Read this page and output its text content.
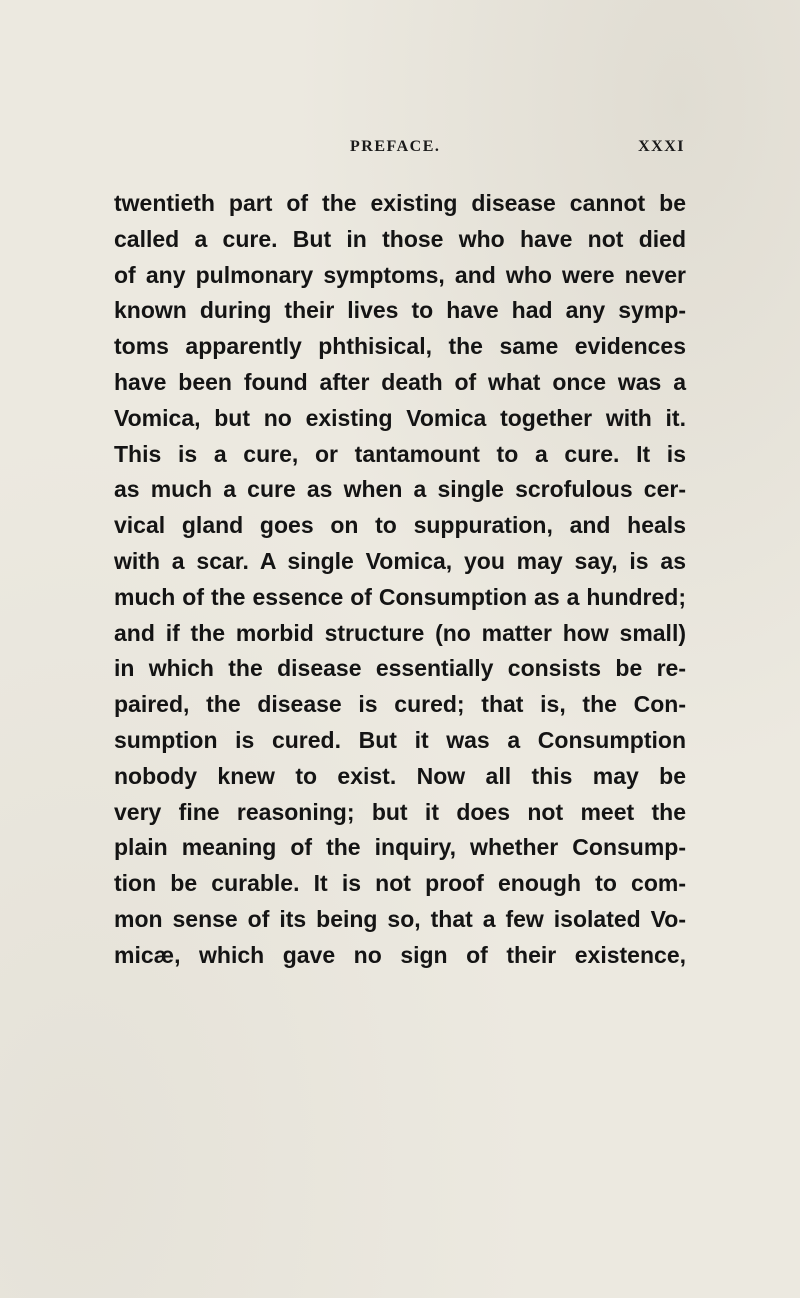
PREFACE.	XXXI
twentieth part of the existing disease cannot be
called a cure. But in those who have not died
of any pulmonary symptoms, and who were never
known during their lives to have had any symp-
toms apparently phthisical, the same evidences
have been found after death of what once was a
Vomica, but no existing Vomica together with it.
This is a cure, or tantamount to a cure. It is
as much a cure as when a single scrofulous cer-
vical gland goes on to suppuration, and heals
with a scar. A single Vomica, you may say, is as
much of the essence of Consumption as a hundred;
and if the morbid structure (no matter how small)
in which the disease essentially consists be re-
paired, the disease is cured; that is, the Con-
sumption is cured. But it was a Consumption
nobody knew to exist. Now all this may be
very fine reasoning; but it does not meet the
plain meaning of the inquiry, whether Consump-
tion be curable. It is not proof enough to com-
mon sense of its being so, that a few isolated Vo-
micæ, which gave no sign of their existence,
